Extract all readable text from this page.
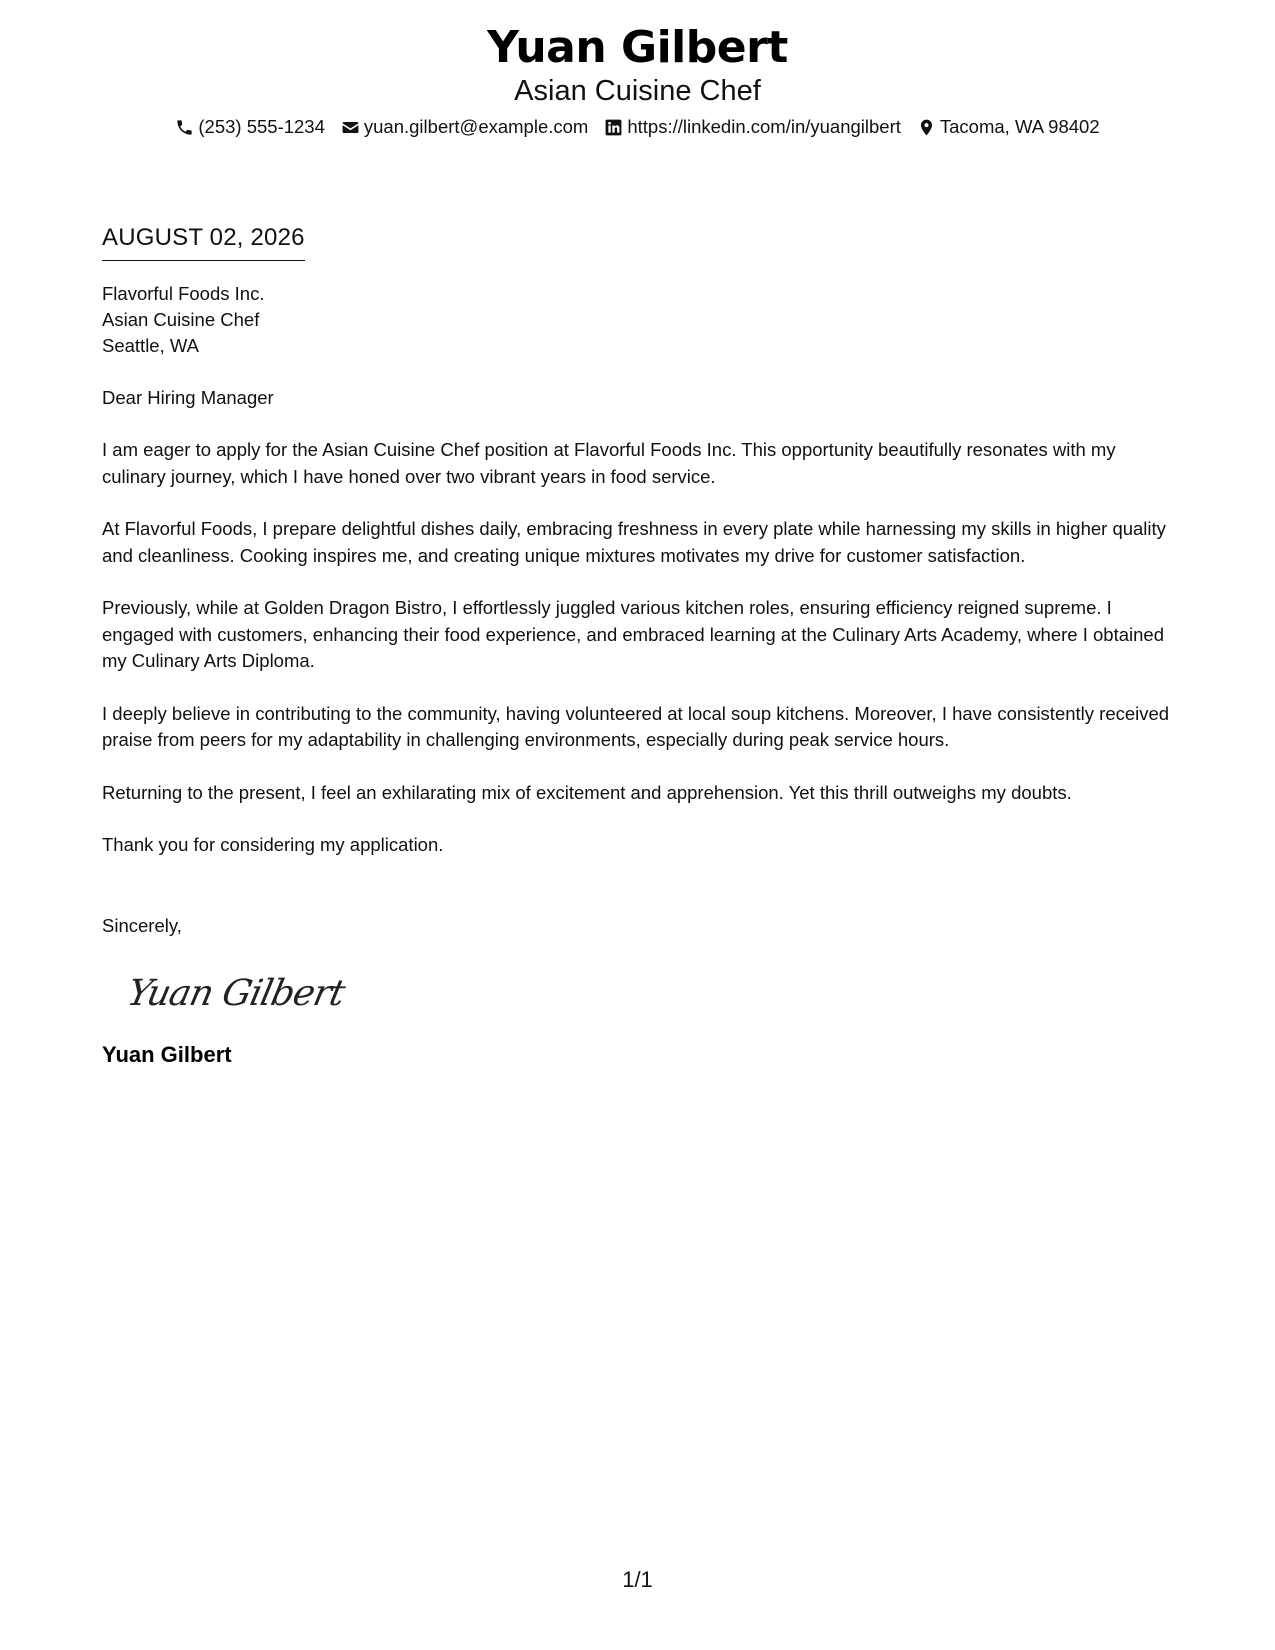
Yuan Gilbert
Asian Cuisine Chef
(253) 555-1234 yuan.gilbert@example.com https://linkedin.com/in/yuangilbert Tacoma, WA 98402
AUGUST 02, 2026
Flavorful Foods Inc.
Asian Cuisine Chef
Seattle, WA
Dear Hiring Manager
I am eager to apply for the Asian Cuisine Chef position at Flavorful Foods Inc. This opportunity beautifully resonates with my culinary journey, which I have honed over two vibrant years in food service.
At Flavorful Foods, I prepare delightful dishes daily, embracing freshness in every plate while harnessing my skills in higher quality and cleanliness. Cooking inspires me, and creating unique mixtures motivates my drive for customer satisfaction.
Previously, while at Golden Dragon Bistro, I effortlessly juggled various kitchen roles, ensuring efficiency reigned supreme. I engaged with customers, enhancing their food experience, and embraced learning at the Culinary Arts Academy, where I obtained my Culinary Arts Diploma.
I deeply believe in contributing to the community, having volunteered at local soup kitchens. Moreover, I have consistently received praise from peers for my adaptability in challenging environments, especially during peak service hours.
Returning to the present, I feel an exhilarating mix of excitement and apprehension. Yet this thrill outweighs my doubts.
Thank you for considering my application.
Sincerely,
Yuan Gilbert
Yuan Gilbert
1/1
